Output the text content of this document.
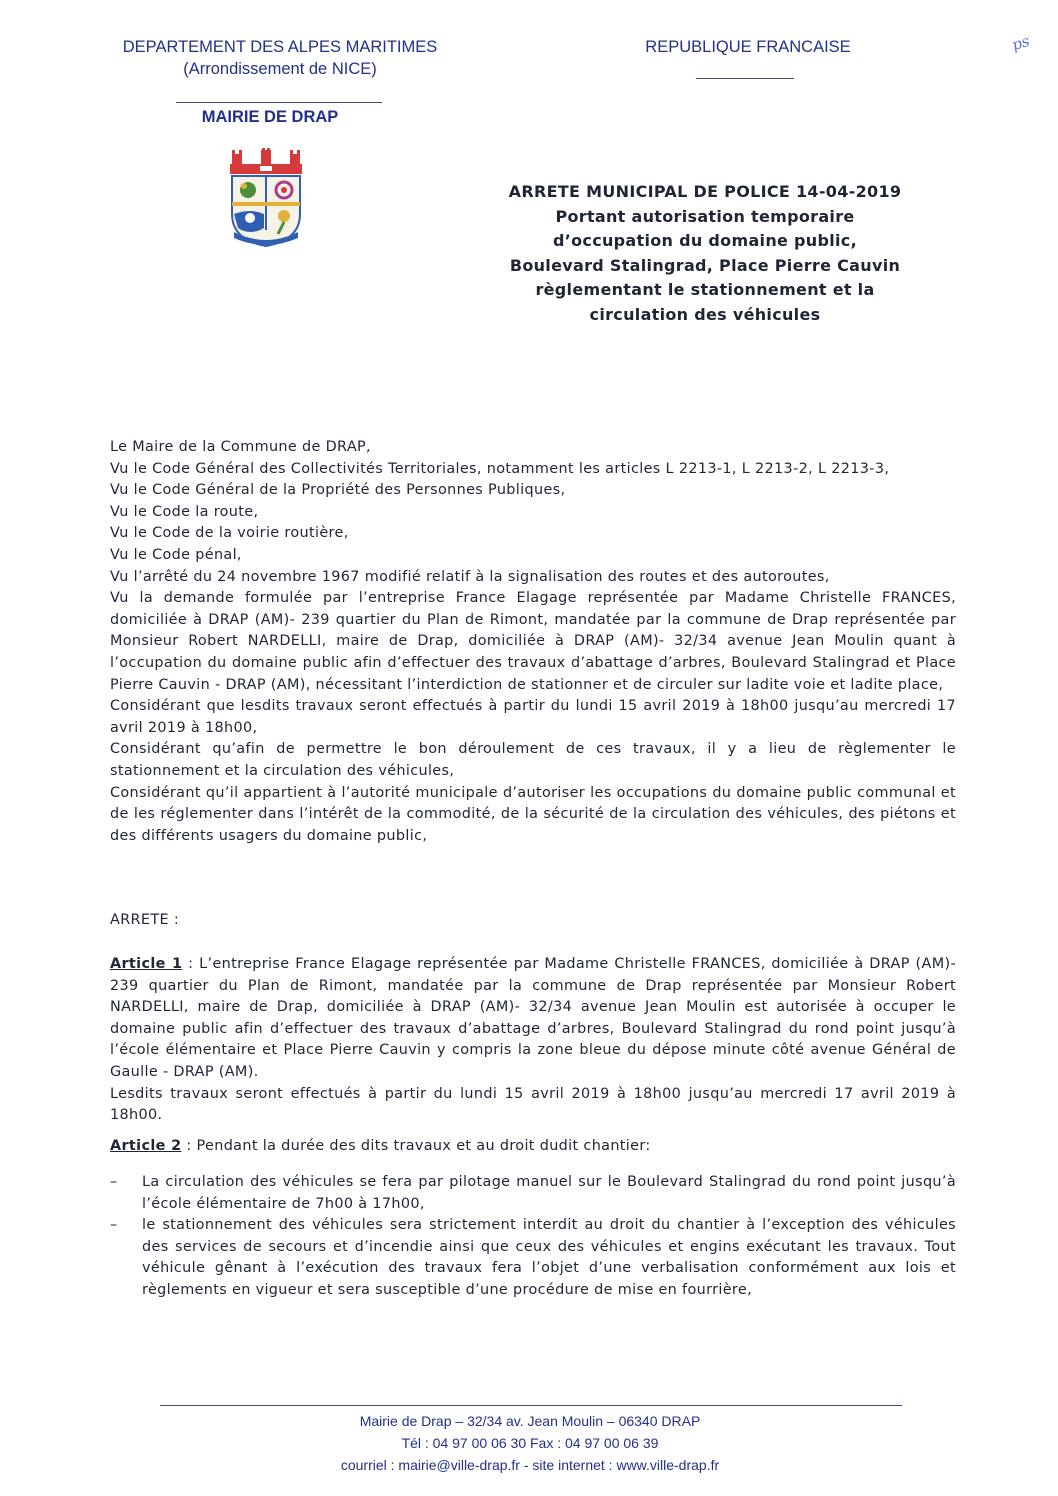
DEPARTEMENT DES ALPES MARITIMES
(Arrondissement de NICE)
MAIRIE DE DRAP
REPUBLIQUE FRANCAISE	ps
ARRETE MUNICIPAL DE POLICE 14-04-2019
Portant autorisation temporaire
d’occupation du domaine public,
Boulevard Stalingrad, Place Pierre Cauvin
règlementant le stationnement et la
circulation des véhicules

Le Maire de la Commune de DRAP,

Vu le Code Général des Collectivités Territoriales, notamment les articles L 2213-1, L 2213-2, L 2213-3,

Vu le Code Général de la Propriété des Personnes Publiques,

Vu le Code la route,

Vu le Code de la voirie routière,

Vu le Code pénal,

Vu l’arrêté du 24 novembre 1967 modifié relatif à la signalisation des routes et des autoroutes,

Vu la demande formulée par l’entreprise France Elagage représentée par Madame Christelle FRANCES, domiciliée à DRAP (AM)- 239 quartier du Plan de Rimont, mandatée par la commune de Drap représentée par Monsieur Robert NARDELLI, maire de Drap, domiciliée à DRAP (AM)- 32/34 avenue Jean Moulin quant à l’occupation du domaine public afin d’effectuer des travaux d’abattage d’arbres, Boulevard Stalingrad et Place Pierre Cauvin - DRAP (AM), nécessitant l’interdiction de stationner et de circuler sur ladite voie et ladite place,

Considérant que lesdits travaux seront effectués à partir du lundi 15 avril 2019 à 18h00 jusqu’au mercredi 17 avril 2019 à 18h00,

Considérant qu’afin de permettre le bon déroulement de ces travaux, il y a lieu de règlementer le stationnement et la circulation des véhicules,

Considérant qu’il appartient à l’autorité municipale d’autoriser les occupations du domaine public communal et de les réglementer dans l’intérêt de la commodité, de la sécurité de la circulation des véhicules, des piétons et des différents usagers du domaine public,

ARRETE :

Article 1 : L’entreprise France Elagage représentée par Madame Christelle FRANCES, domiciliée à DRAP (AM)- 239 quartier du Plan de Rimont, mandatée par la commune de Drap représentée par Monsieur Robert NARDELLI, maire de Drap, domiciliée à DRAP (AM)- 32/34 avenue Jean Moulin est autorisée à occuper le domaine public afin d’effectuer des travaux d’abattage d’arbres, Boulevard Stalingrad du rond point jusqu’à l’école élémentaire et Place Pierre Cauvin y compris la zone bleue du dépose minute côté avenue Général de Gaulle - DRAP (AM).

Lesdits travaux seront effectués à partir du lundi 15 avril 2019 à 18h00 jusqu’au mercredi 17 avril 2019 à 18h00.

Article 2 : Pendant la durée des dits travaux et au droit dudit chantier:

– La circulation des véhicules se fera par pilotage manuel sur le Boulevard Stalingrad du rond point jusqu’à l’école élémentaire de 7h00 à 17h00,
– le stationnement des véhicules sera strictement interdit au droit du chantier à l’exception des véhicules des services de secours et d’incendie ainsi que ceux des véhicules et engins exécutant les travaux. Tout véhicule gênant à l’exécution des travaux fera l’objet d’une verbalisation conformément aux lois et règlements en vigueur et sera susceptible d’une procédure de mise en fourrière,
Mairie de Drap – 32/34 av. Jean Moulin – 06340 DRAP
Tél : 04 97 00 06 30 Fax : 04 97 00 06 39
courriel : mairie@ville-drap.fr - site internet : www.ville-drap.fr
